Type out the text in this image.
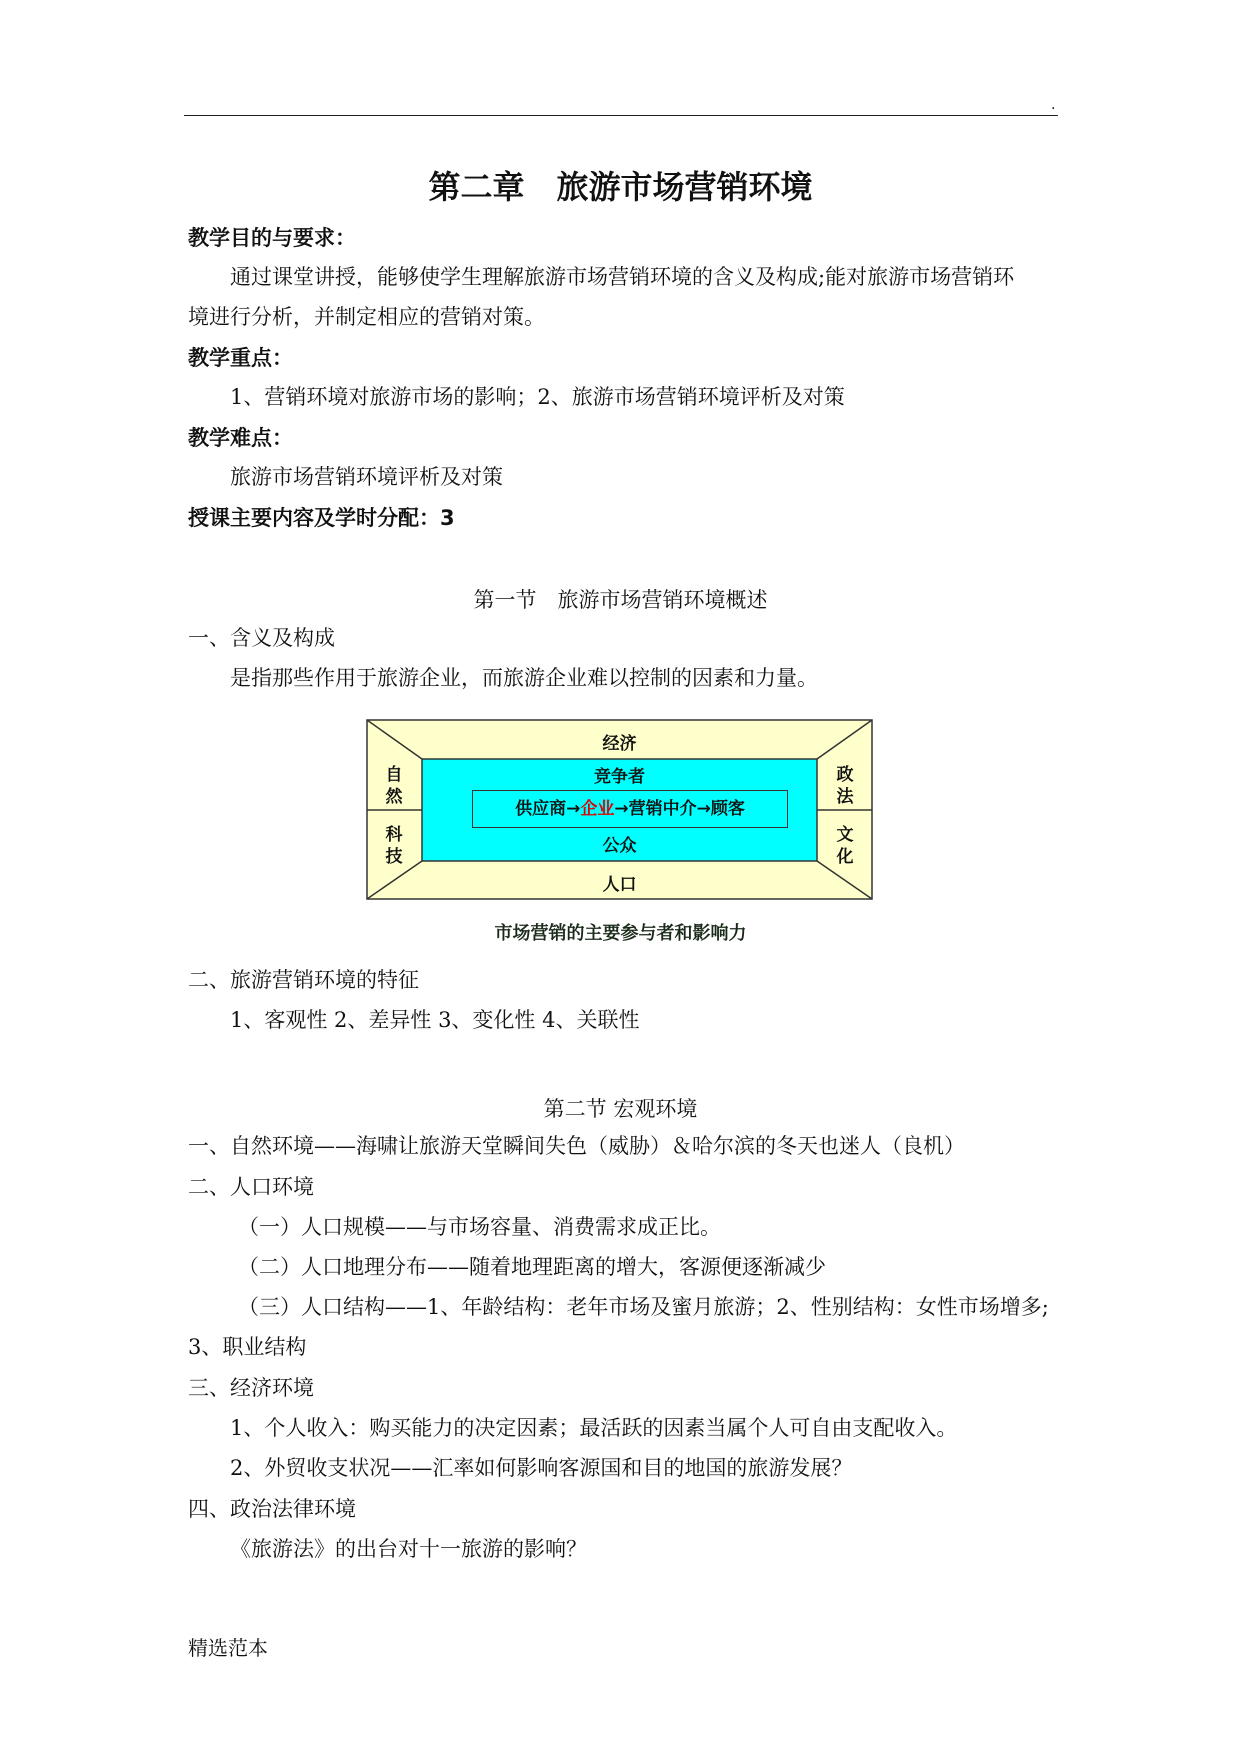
.
第二章　旅游市场营销环境
教学目的与要求：
通过课堂讲授，能够使学生理解旅游市场营销环境的含义及构成;能对旅游市场营销环
境进行分析，并制定相应的营销对策。
教学重点：
1、营销环境对旅游市场的影响；2、旅游市场营销环境评析及对策
教学难点：
旅游市场营销环境评析及对策
授课主要内容及学时分配：3
第一节　旅游市场营销环境概述
一、含义及构成
是指那些作用于旅游企业，而旅游企业难以控制的因素和力量。
经济
人口
自
然
科
技
政
法
文
化
竞争者
公众
供应商→企业→营销中介→顾客
市场营销的主要参与者和影响力
二、旅游营销环境的特征
1、客观性 2、差异性 3、变化性 4、关联性
第二节 宏观环境
一、自然环境——海啸让旅游天堂瞬间失色（威胁）＆哈尔滨的冬天也迷人（良机）
二、人口环境
（一）人口规模——与市场容量、消费需求成正比。
（二）人口地理分布——随着地理距离的增大，客源便逐渐减少
（三）人口结构——1、年龄结构：老年市场及蜜月旅游；2、性别结构：女性市场增多;
3、职业结构
三、经济环境
1、个人收入：购买能力的决定因素；最活跃的因素当属个人可自由支配收入。
2、外贸收支状况——汇率如何影响客源国和目的地国的旅游发展？
四、政治法律环境
《旅游法》的出台对十一旅游的影响？
精选范本
